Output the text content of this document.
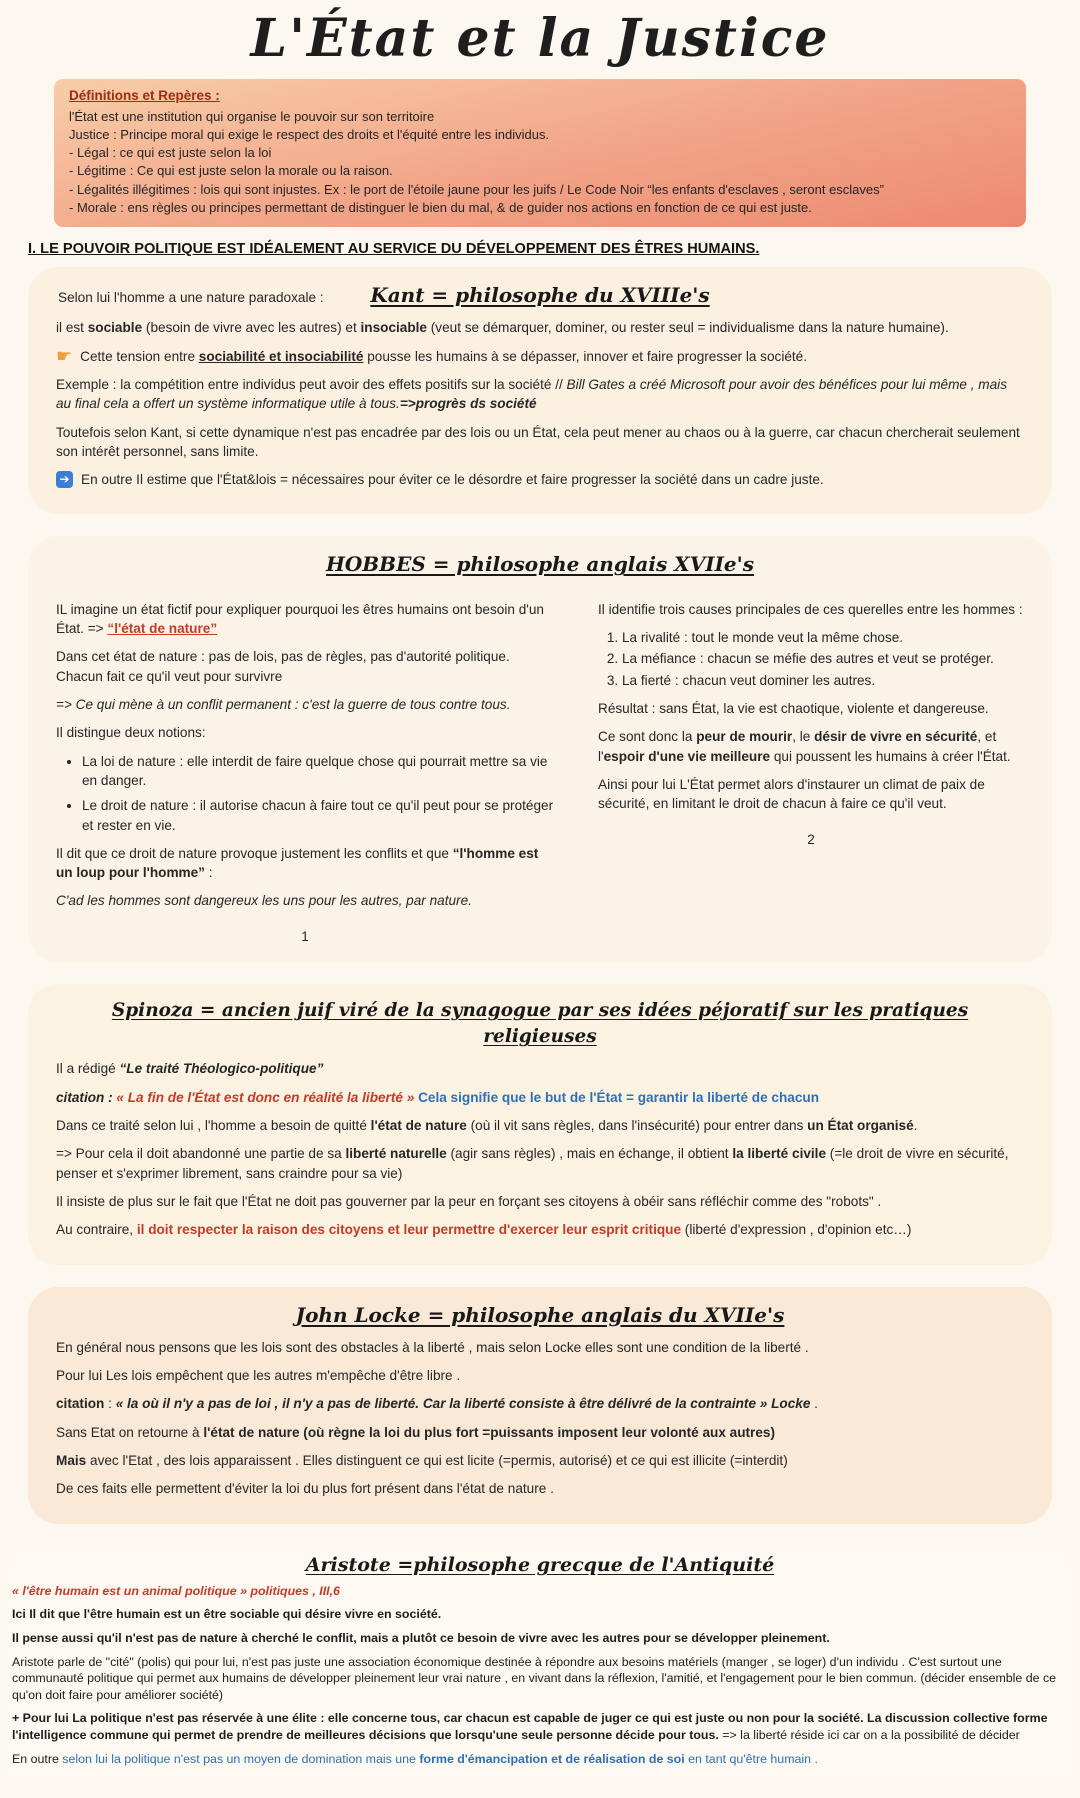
L'État et la Justice
Définitions et Repères :
l'État est une institution qui organise le pouvoir sur son territoire
Justice : Principe moral qui exige le respect des droits et l'équité entre les individus.
- Légal : ce qui est juste selon la loi
- Légitime : Ce qui est juste selon la morale ou la raison.
- Légalités illégitimes : lois qui sont injustes. Ex : le port de l'étoile jaune pour les juifs / Le Code Noir “les enfants d'esclaves , seront esclaves”
- Morale : ens règles ou principes permettant de distinguer le bien du mal, & de guider nos actions en fonction de ce qui est juste.
I. LE POUVOIR POLITIQUE EST IDÉALEMENT AU SERVICE DU DÉVELOPPEMENT DES ÊTRES HUMAINS.
Selon lui l'homme a une nature paradoxale :	Kant = philosophe du XVIIIe's

il est sociable (besoin de vivre avec les autres) et insociable (veut se démarquer, dominer, ou rester seul = individualisme dans la nature humaine).

☛ Cette tension entre sociabilité et insociabilité pousse les humains à se dépasser, innover et faire progresser la société.

Exemple : la compétition entre individus peut avoir des effets positifs sur la société // Bill Gates a créé Microsoft pour avoir des bénéfices pour lui même , mais au final cela a offert un système informatique utile à tous.=>progrès ds société

Toutefois selon Kant, si cette dynamique n'est pas encadrée par des lois ou un État, cela peut mener au chaos ou à la guerre, car chacun chercherait seulement son intérêt personnel, sans limite.

➔ En outre Il estime que l'État&lois = nécessaires pour éviter ce le désordre et faire progresser la société dans un cadre juste.

HOBBES = philosophe anglais XVIIe's

IL imagine un état fictif pour expliquer pourquoi les êtres humains ont besoin d'un État. => “l'état de nature”

Dans cet état de nature : pas de lois, pas de règles, pas d'autorité politique. Chacun fait ce qu'il veut pour survivre

=> Ce qui mène à un conflit permanent : c'est la guerre de tous contre tous.

Il distingue deux notions:

• La loi de nature : elle interdit de faire quelque chose qui pourrait mettre sa vie en danger.
• Le droit de nature : il autorise chacun à faire tout ce qu'il peut pour se protéger et rester en vie.

Il dit que ce droit de nature provoque justement les conflits et que “l'homme est un loup pour l'homme” :

C'ad les hommes sont dangereux les uns pour les autres, par nature.

1

Il identifie trois causes principales de ces querelles entre les hommes :

1. La rivalité : tout le monde veut la même chose.
2. La méfiance : chacun se méfie des autres et veut se protéger.
3. La fierté : chacun veut dominer les autres.

Résultat : sans État, la vie est chaotique, violente et dangereuse.

Ce sont donc la peur de mourir, le désir de vivre en sécurité, et l'espoir d'une vie meilleure qui poussent les humains à créer l'État.

Ainsi pour lui L'État permet alors d'instaurer un climat de paix de sécurité, en limitant le droit de chacun à faire ce qu'il veut.

2
Spinoza = ancien juif viré de la synagogue par ses idées péjoratif sur les pratiques religieuses

Il a rédigé “Le traité Théologico-politique”

citation : « La fin de l'État est donc en réalité la liberté » Cela signifie que le but de l'État = garantir la liberté de chacun

Dans ce traité selon lui , l'homme a besoin de quitté l'état de nature (où il vit sans règles, dans l'insécurité) pour entrer dans un État organisé.

=> Pour cela il doit abandonné une partie de sa liberté naturelle (agir sans règles) , mais en échange, il obtient la liberté civile (=le droit de vivre en sécurité, penser et s'exprimer librement, sans craindre pour sa vie)

Il insiste de plus sur le fait que l'État ne doit pas gouverner par la peur en forçant ses citoyens à obéir sans réfléchir comme des "robots" .

Au contraire, il doit respecter la raison des citoyens et leur permettre d'exercer leur esprit critique (liberté d'expression , d'opinion etc…)

John Locke = philosophe anglais du XVIIe's

En général nous pensons que les lois sont des obstacles à la liberté , mais selon Locke elles sont une condition de la liberté .

Pour lui Les lois empêchent que les autres m'empêche d'être libre .

citation : « la où il n'y a pas de loi , il n'y a pas de liberté. Car la liberté consiste à être délivré de la contrainte » Locke .

Sans Etat on retourne à l'état de nature (où règne la loi du plus fort =puissants imposent leur volonté aux autres)

Mais avec l'Etat , des lois apparaissent . Elles distinguent ce qui est licite (=permis, autorisé) et ce qui est illicite (=interdit)

De ces faits elle permettent d'éviter la loi du plus fort présent dans l'état de nature .

Aristote =philosophe grecque de l'Antiquité

« l'être humain est un animal politique » politiques , III,6

Ici Il dit que l'être humain est un être sociable qui désire vivre en société.

Il pense aussi qu'il n'est pas de nature à cherché le conflit, mais a plutôt ce besoin de vivre avec les autres pour se développer pleinement.

Aristote parle de "cité" (polis) qui pour lui, n'est pas juste une association économique destinée à répondre aux besoins matériels (manger , se loger) d'un individu . C'est surtout une communauté politique qui permet aux humains de développer pleinement leur vrai nature , en vivant dans la réflexion, l'amitié, et l'engagement pour le bien commun. (décider ensemble de ce qu'on doit faire pour améliorer société)

+ Pour lui La politique n'est pas réservée à une élite : elle concerne tous, car chacun est capable de juger ce qui est juste ou non pour la société. La discussion collective forme l'intelligence commune qui permet de prendre de meilleures décisions que lorsqu'une seule personne décide pour tous. => la liberté réside ici car on a la possibilité de décider

En outre selon lui la politique n'est pas un moyen de domination mais une forme d'émancipation et de réalisation de soi en tant qu'être humain .
